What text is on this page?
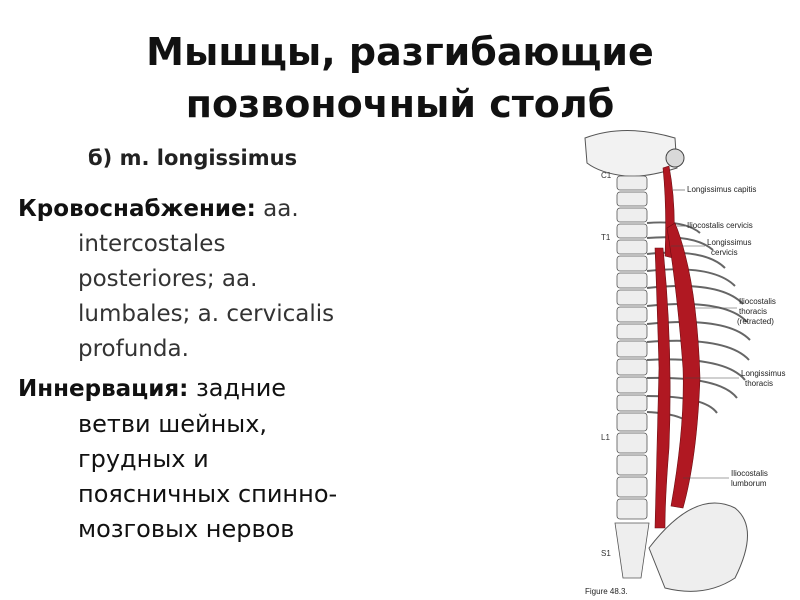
Мышцы, разгибающие
позвоночный столб
б) m. longissimus
Кровоснабжение: aa.
intercostales
posteriores; aa.
lumbales; a. cervicalis
profunda.
Иннервация: задние
ветви шейных,
грудных и
поясничных спинно-
мозговых нервов
C1
T1
L1
S1
Longissimus capitis
Iliocostalis cervicis
Longissimus
cervicis
Iliocostalis
thoracis
(retracted)
Longissimus
thoracis
Iliocostalis
lumborum
Figure 48.3.
